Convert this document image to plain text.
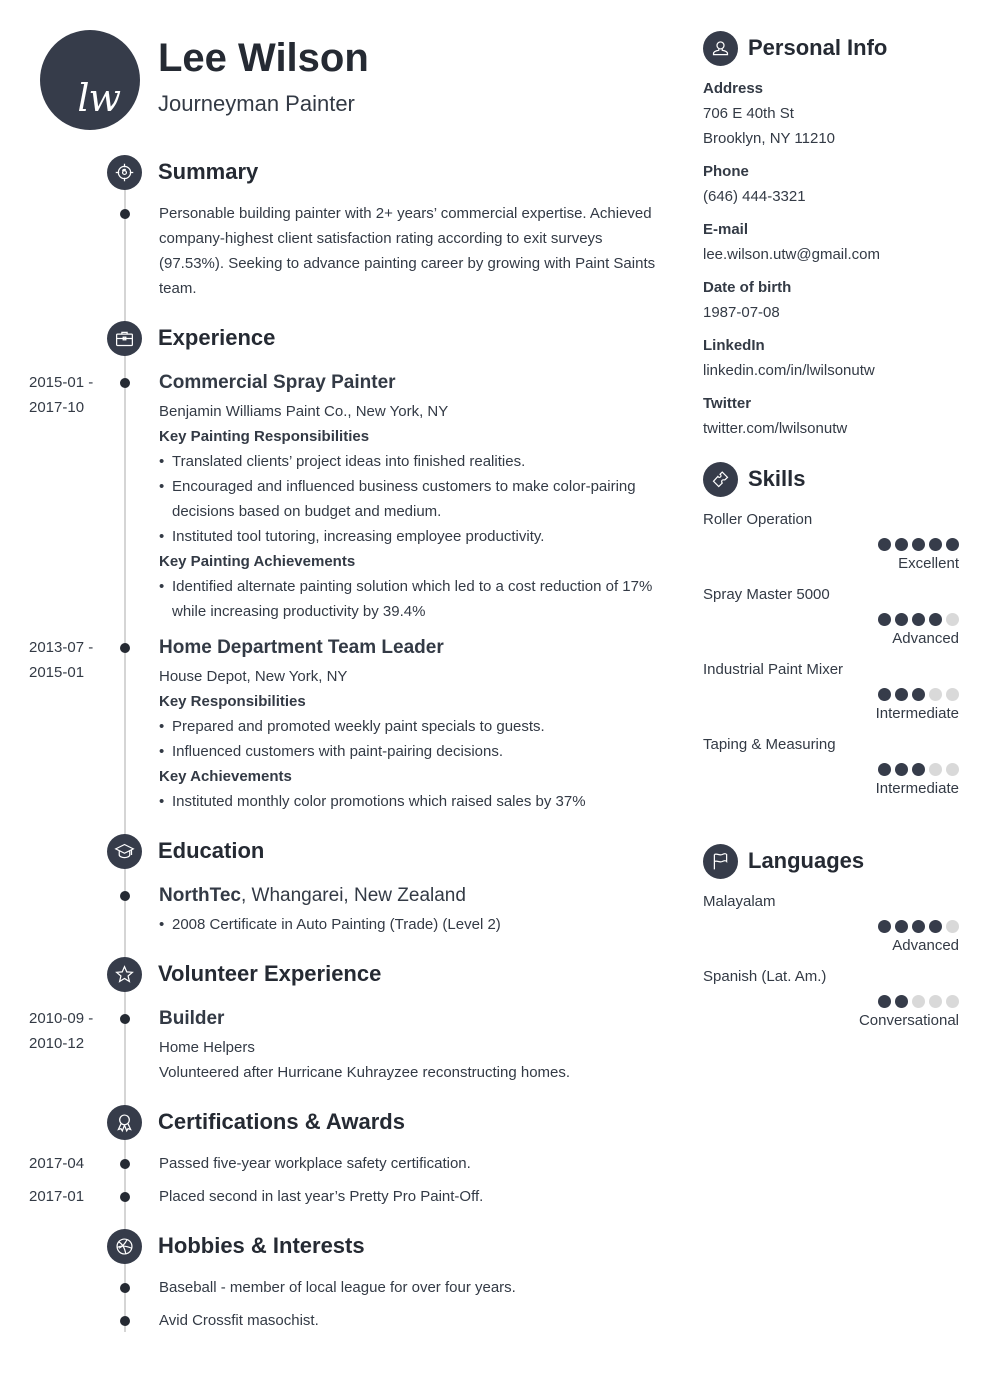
lw
Lee Wilson
Journeyman Painter
Summary
Personable building painter with 2+ years’ commercial expertise. Achieved company-highest client satisfaction rating according to exit surveys (97.53%). Seeking to advance painting career by growing with Paint Saints team.
Experience
2015-01 -
2017-10
Commercial Spray Painter
Benjamin Williams Paint Co., New York, NY
Key Painting Responsibilities
• Translated clients’ project ideas into finished realities.
• Encouraged and influenced business customers to make color-pairing decisions based on budget and medium.
• Instituted tool tutoring, increasing employee productivity.
Key Painting Achievements
• Identified alternate painting solution which led to a cost reduction of 17% while increasing productivity by 39.4%
2013-07 -
2015-01
Home Department Team Leader
House Depot, New York, NY
Key Responsibilities
• Prepared and promoted weekly paint specials to guests.
• Influenced customers with paint-pairing decisions.
Key Achievements
• Instituted monthly color promotions which raised sales by 37%
Education
NorthTec, Whangarei, New Zealand
• 2008 Certificate in Auto Painting (Trade) (Level 2)
Volunteer Experience
2010-09 -
2010-12
Builder
Home Helpers
Volunteered after Hurricane Kuhrayzee reconstructing homes.
Certifications & Awards
2017-04	Passed five-year workplace safety certification.
2017-01	Placed second in last year’s Pretty Pro Paint-Off.
Hobbies & Interests
Baseball - member of local league for over four years.
Avid Crossfit masochist.
Personal Info
Address
706 E 40th St
Brooklyn, NY 11210
Phone
(646) 444-3321
E-mail
lee.wilson.utw@gmail.com
Date of birth
1987-07-08
LinkedIn
linkedin.com/in/lwilsonutw
Twitter
twitter.com/lwilsonutw
Skills
Roller Operation
Excellent
Spray Master 5000
Advanced
Industrial Paint Mixer
Intermediate
Taping & Measuring
Intermediate
Languages
Malayalam
Advanced
Spanish (Lat. Am.)
Conversational
